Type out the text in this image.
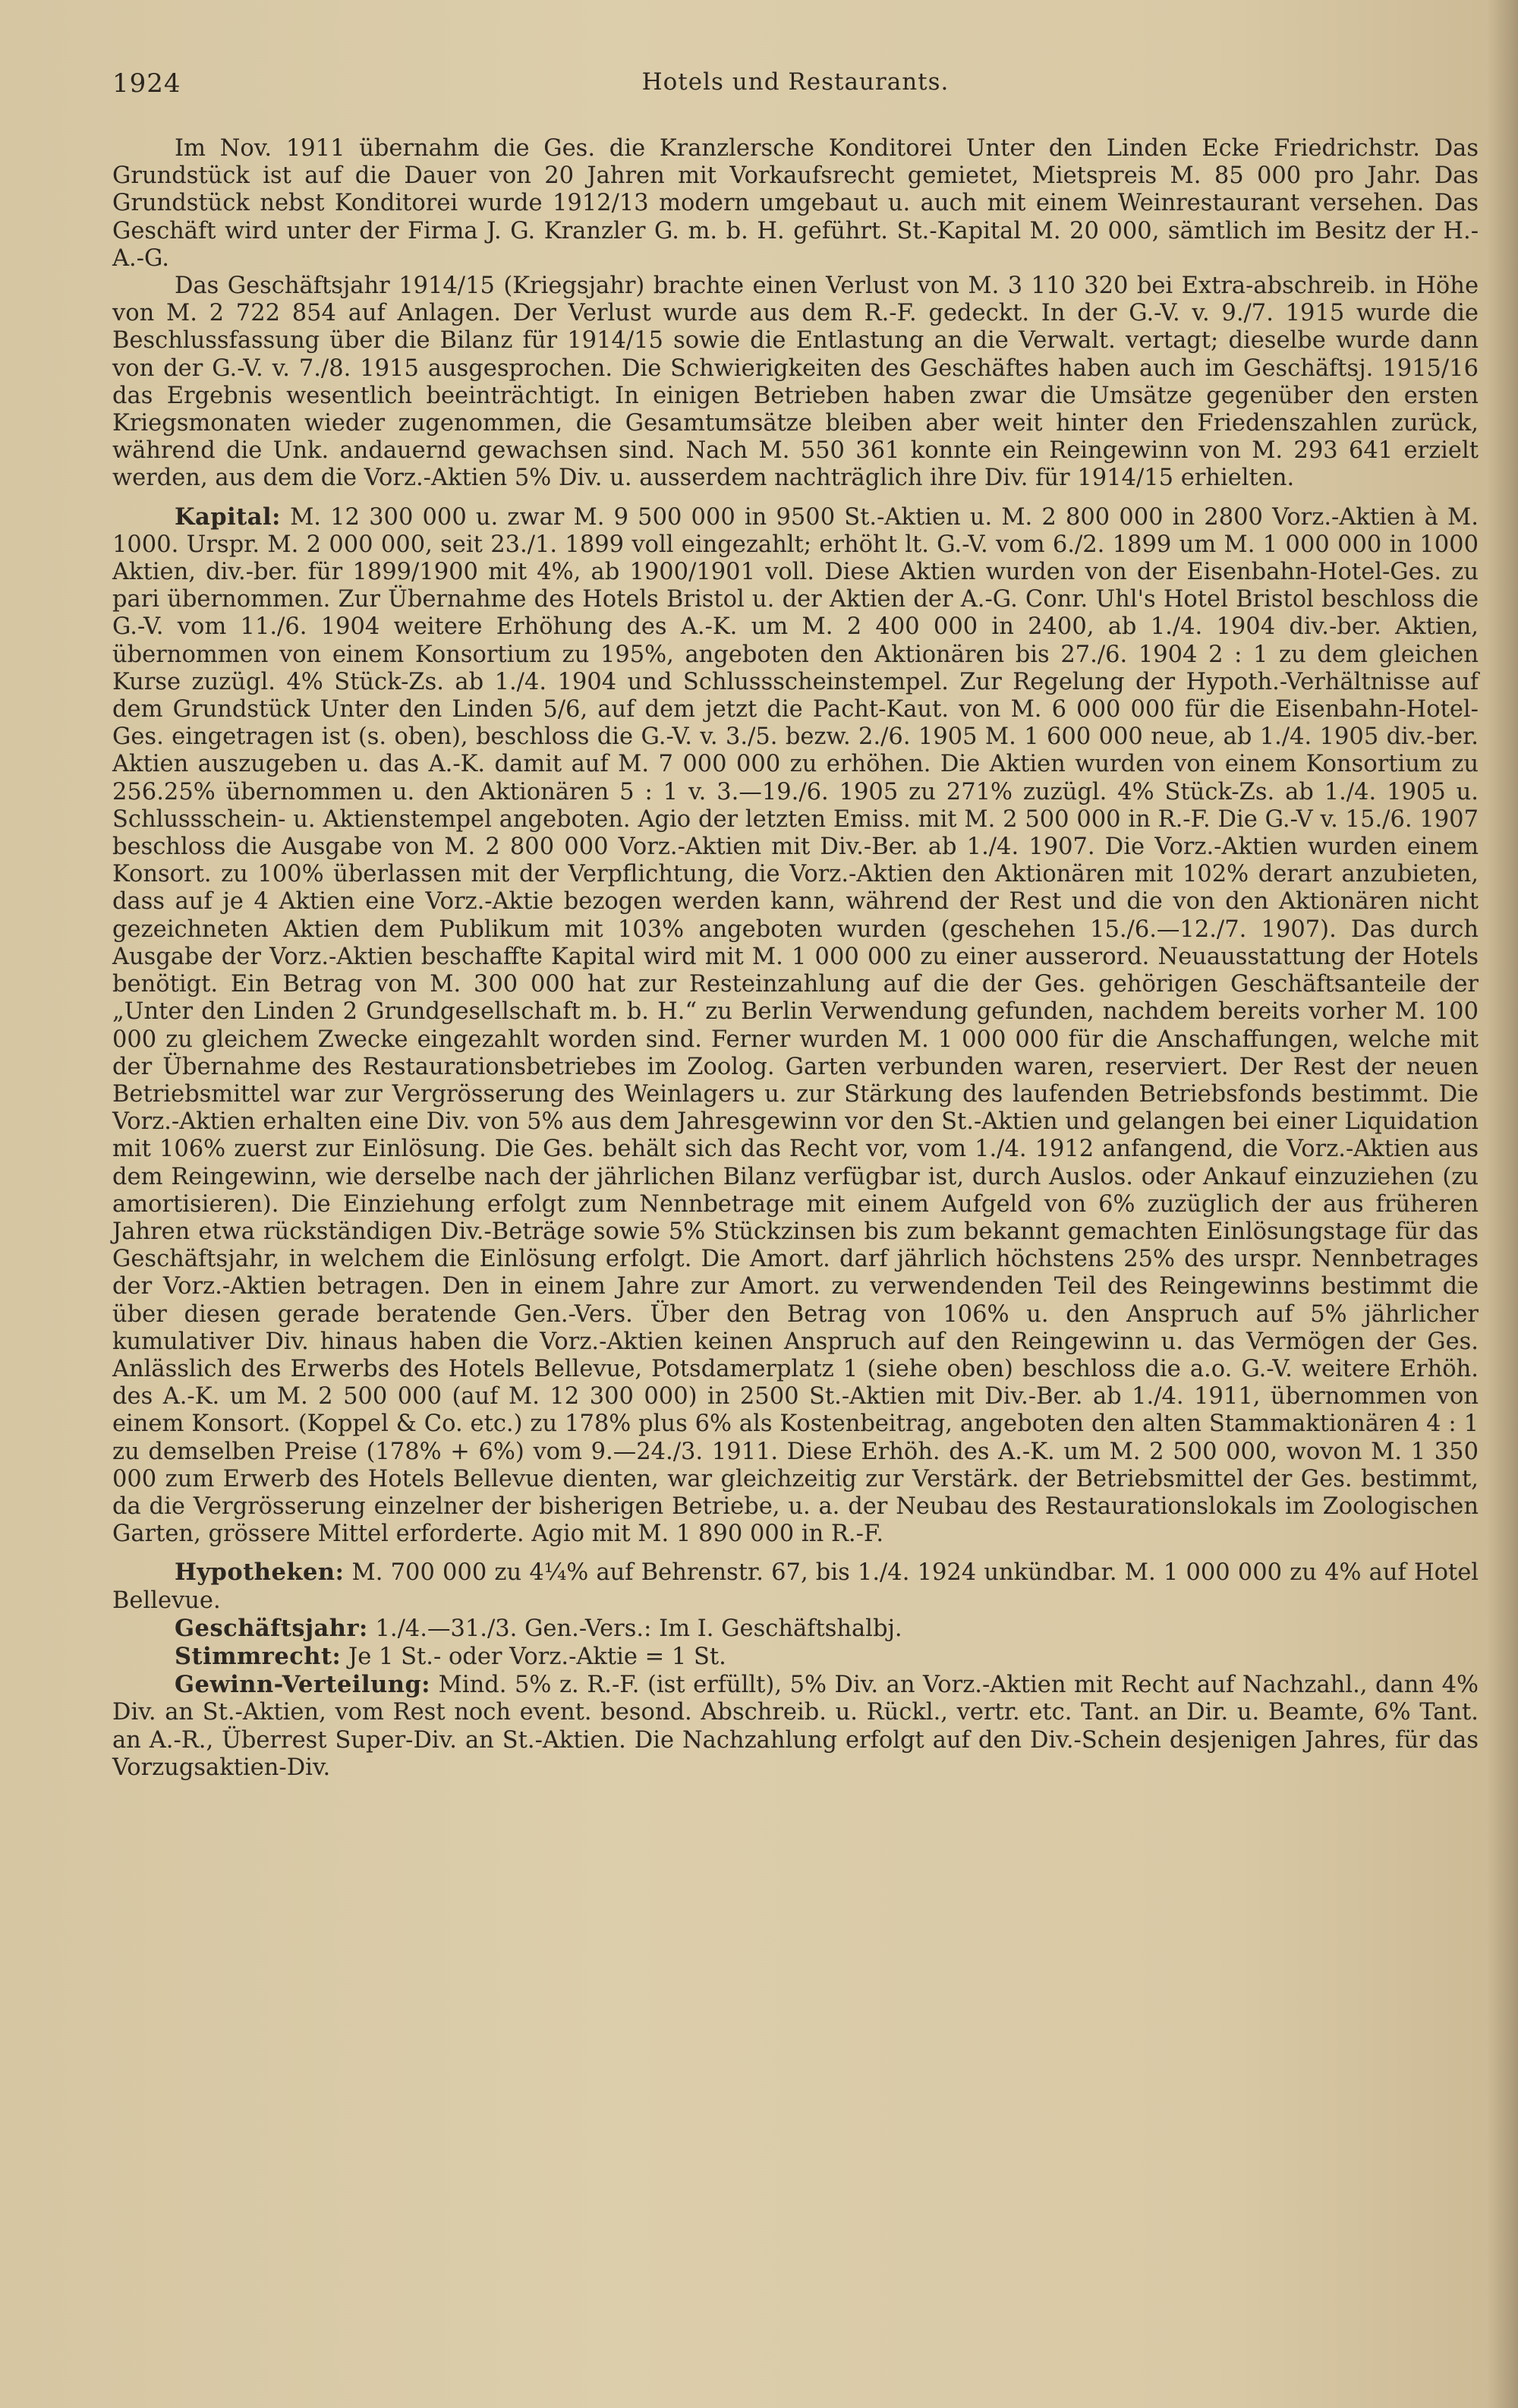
1924	Hotels und Restaurants.

Im Nov. 1911 übernahm die Ges. die Kranzlersche Konditorei Unter den Linden Ecke Friedrichstr. Das Grundstück ist auf die Dauer von 20 Jahren mit Vorkaufsrecht gemietet, Mietspreis M. 85 000 pro Jahr. Das Grundstück nebst Konditorei wurde 1912/13 modern umgebaut u. auch mit einem Weinrestaurant versehen. Das Geschäft wird unter der Firma J. G. Kranzler G. m. b. H. geführt. St.-Kapital M. 20 000, sämtlich im Besitz der H.-A.-G.

Das Geschäftsjahr 1914/15 (Kriegsjahr) brachte einen Verlust von M. 3 110 320 bei Extra-abschreib. in Höhe von M. 2 722 854 auf Anlagen. Der Verlust wurde aus dem R.-F. gedeckt. In der G.-V. v. 9./7. 1915 wurde die Beschlussfassung über die Bilanz für 1914/15 sowie die Entlastung an die Verwalt. vertagt; dieselbe wurde dann von der G.-V. v. 7./8. 1915 ausgesprochen. Die Schwierigkeiten des Geschäftes haben auch im Geschäftsj. 1915/16 das Ergebnis wesentlich beeinträchtigt. In einigen Betrieben haben zwar die Umsätze gegenüber den ersten Kriegsmonaten wieder zugenommen, die Gesamtumsätze bleiben aber weit hinter den Friedenszahlen zurück, während die Unk. andauernd gewachsen sind. Nach M. 550 361 konnte ein Reingewinn von M. 293 641 erzielt werden, aus dem die Vorz.-Aktien 5% Div. u. ausserdem nachträglich ihre Div. für 1914/15 erhielten.

Kapital: M. 12 300 000 u. zwar M. 9 500 000 in 9500 St.-Aktien u. M. 2 800 000 in 2800 Vorz.-Aktien à M. 1000. Urspr. M. 2 000 000, seit 23./1. 1899 voll eingezahlt; erhöht lt. G.-V. vom 6./2. 1899 um M. 1 000 000 in 1000 Aktien, div.-ber. für 1899/1900 mit 4%, ab 1900/1901 voll. Diese Aktien wurden von der Eisenbahn-Hotel-Ges. zu pari übernommen. Zur Übernahme des Hotels Bristol u. der Aktien der A.-G. Conr. Uhl's Hotel Bristol beschloss die G.-V. vom 11./6. 1904 weitere Erhöhung des A.-K. um M. 2 400 000 in 2400, ab 1./4. 1904 div.-ber. Aktien, übernommen von einem Konsortium zu 195%, angeboten den Aktionären bis 27./6. 1904 2 : 1 zu dem gleichen Kurse zuzügl. 4% Stück-Zs. ab 1./4. 1904 und Schlussscheinstempel. Zur Regelung der Hypoth.-Verhältnisse auf dem Grundstück Unter den Linden 5/6, auf dem jetzt die Pacht-Kaut. von M. 6 000 000 für die Eisenbahn-Hotel-Ges. eingetragen ist (s. oben), beschloss die G.-V. v. 3./5. bezw. 2./6. 1905 M. 1 600 000 neue, ab 1./4. 1905 div.-ber. Aktien auszugeben u. das A.-K. damit auf M. 7 000 000 zu erhöhen. Die Aktien wurden von einem Konsortium zu 256.25% übernommen u. den Aktionären 5 : 1 v. 3.—19./6. 1905 zu 271% zuzügl. 4% Stück-Zs. ab 1./4. 1905 u. Schlussschein- u. Aktienstempel angeboten. Agio der letzten Emiss. mit M. 2 500 000 in R.-F. Die G.-V v. 15./6. 1907 beschloss die Ausgabe von M. 2 800 000 Vorz.-Aktien mit Div.-Ber. ab 1./4. 1907. Die Vorz.-Aktien wurden einem Konsort. zu 100% überlassen mit der Verpflichtung, die Vorz.-Aktien den Aktionären mit 102% derart anzubieten, dass auf je 4 Aktien eine Vorz.-Aktie bezogen werden kann, während der Rest und die von den Aktionären nicht gezeichneten Aktien dem Publikum mit 103% angeboten wurden (geschehen 15./6.—12./7. 1907). Das durch Ausgabe der Vorz.-Aktien beschaffte Kapital wird mit M. 1 000 000 zu einer ausserord. Neuausstattung der Hotels benötigt. Ein Betrag von M. 300 000 hat zur Resteinzahlung auf die der Ges. gehörigen Geschäftsanteile der „Unter den Linden 2 Grundgesellschaft m. b. H.“ zu Berlin Verwendung gefunden, nachdem bereits vorher M. 100 000 zu gleichem Zwecke eingezahlt worden sind. Ferner wurden M. 1 000 000 für die Anschaffungen, welche mit der Übernahme des Restaurationsbetriebes im Zoolog. Garten verbunden waren, reserviert. Der Rest der neuen Betriebsmittel war zur Vergrösserung des Weinlagers u. zur Stärkung des laufenden Betriebsfonds bestimmt. Die Vorz.-Aktien erhalten eine Div. von 5% aus dem Jahresgewinn vor den St.-Aktien und gelangen bei einer Liquidation mit 106% zuerst zur Einlösung. Die Ges. behält sich das Recht vor, vom 1./4. 1912 anfangend, die Vorz.-Aktien aus dem Reingewinn, wie derselbe nach der jährlichen Bilanz verfügbar ist, durch Auslos. oder Ankauf einzuziehen (zu amortisieren). Die Einziehung erfolgt zum Nennbetrage mit einem Aufgeld von 6% zuzüglich der aus früheren Jahren etwa rückständigen Div.-Beträge sowie 5% Stückzinsen bis zum bekannt gemachten Einlösungstage für das Geschäftsjahr, in welchem die Einlösung erfolgt. Die Amort. darf jährlich höchstens 25% des urspr. Nennbetrages der Vorz.-Aktien betragen. Den in einem Jahre zur Amort. zu verwendenden Teil des Reingewinns bestimmt die über diesen gerade beratende Gen.-Vers. Über den Betrag von 106% u. den Anspruch auf 5% jährlicher kumulativer Div. hinaus haben die Vorz.-Aktien keinen Anspruch auf den Reingewinn u. das Vermögen der Ges. Anlässlich des Erwerbs des Hotels Bellevue, Potsdamerplatz 1 (siehe oben) beschloss die a.o. G.-V. weitere Erhöh. des A.-K. um M. 2 500 000 (auf M. 12 300 000) in 2500 St.-Aktien mit Div.-Ber. ab 1./4. 1911, übernommen von einem Konsort. (Koppel & Co. etc.) zu 178% plus 6% als Kostenbeitrag, angeboten den alten Stammaktionären 4 : 1 zu demselben Preise (178% + 6%) vom 9.—24./3. 1911. Diese Erhöh. des A.-K. um M. 2 500 000, wovon M. 1 350 000 zum Erwerb des Hotels Bellevue dienten, war gleichzeitig zur Verstärk. der Betriebsmittel der Ges. bestimmt, da die Vergrösserung einzelner der bisherigen Betriebe, u. a. der Neubau des Restaurationslokals im Zoologischen Garten, grössere Mittel erforderte. Agio mit M. 1 890 000 in R.-F.

Hypotheken: M. 700 000 zu 4¼% auf Behrenstr. 67, bis 1./4. 1924 unkündbar. M. 1 000 000 zu 4% auf Hotel Bellevue.

Geschäftsjahr: 1./4.—31./3. Gen.-Vers.: Im I. Geschäftshalbj.

Stimmrecht: Je 1 St.- oder Vorz.-Aktie = 1 St.

Gewinn-Verteilung: Mind. 5% z. R.-F. (ist erfüllt), 5% Div. an Vorz.-Aktien mit Recht auf Nachzahl., dann 4% Div. an St.-Aktien, vom Rest noch event. besond. Abschreib. u. Rückl., vertr. etc. Tant. an Dir. u. Beamte, 6% Tant. an A.-R., Überrest Super-Div. an St.-Aktien. Die Nachzahlung erfolgt auf den Div.-Schein desjenigen Jahres, für das Vorzugsaktien-Div.
